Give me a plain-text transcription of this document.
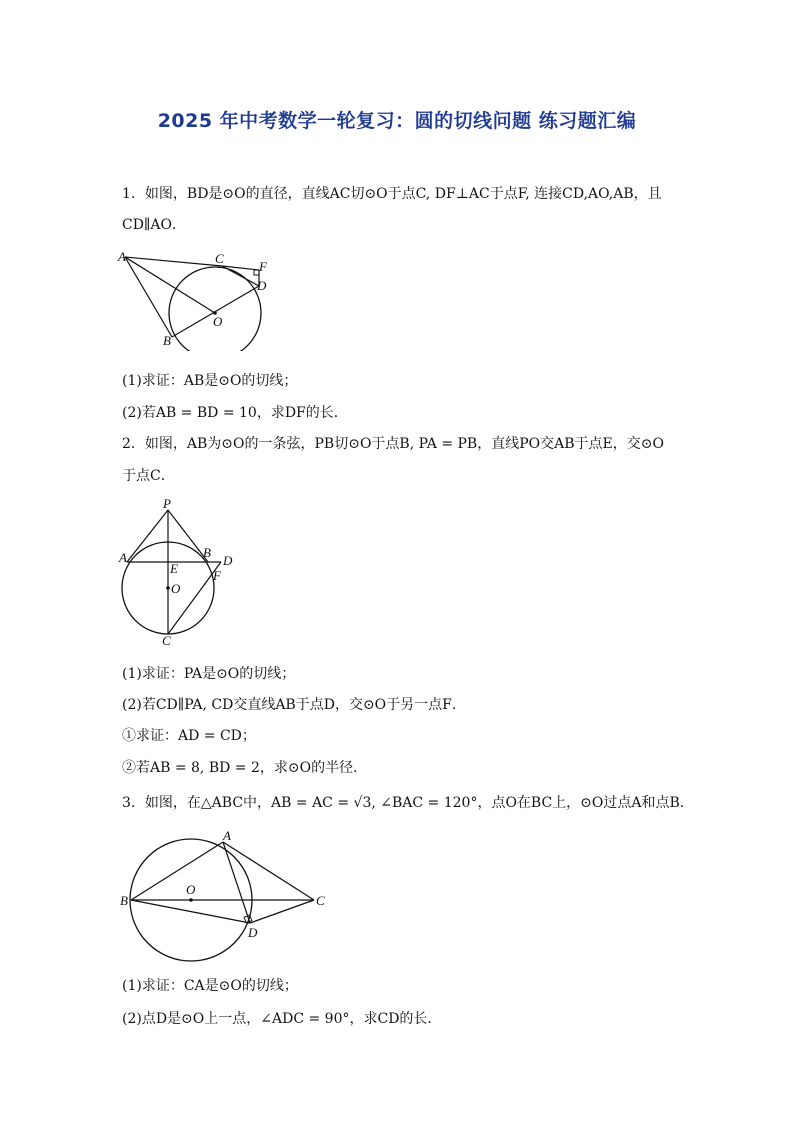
2025 年中考数学一轮复习：圆的切线问题 练习题汇编
1．如图，BD是⊙O的直径，直线AC切⊙O于点C, DF⊥AC于点F, 连接CD,AO,AB，且
CD∥AO．
A	C
F
D
O
B
(1)求证：AB是⊙O的切线；
(2)若AB = BD = 10，求DF的长．
2．如图，AB为⊙O的一条弦，PB切⊙O于点B, PA = PB，直线PO交AB于点E，交⊙O
于点C．
P
A	B
D
E	F
O
C
(1)求证：PA是⊙O的切线；
(2)若CD∥PA, CD交直线AB于点D，交⊙O于另一点F．
①求证：AD = CD；
②若AB = 8, BD = 2，求⊙O的半径．
3．如图，在△ABC中，AB = AC = √3, ∠BAC = 120°，点O在BC上，⊙O过点A和点B．
A
O
B	C
D
(1)求证：CA是⊙O的切线；
(2)点D是⊙O上一点，∠ADC = 90°，求CD的长．
